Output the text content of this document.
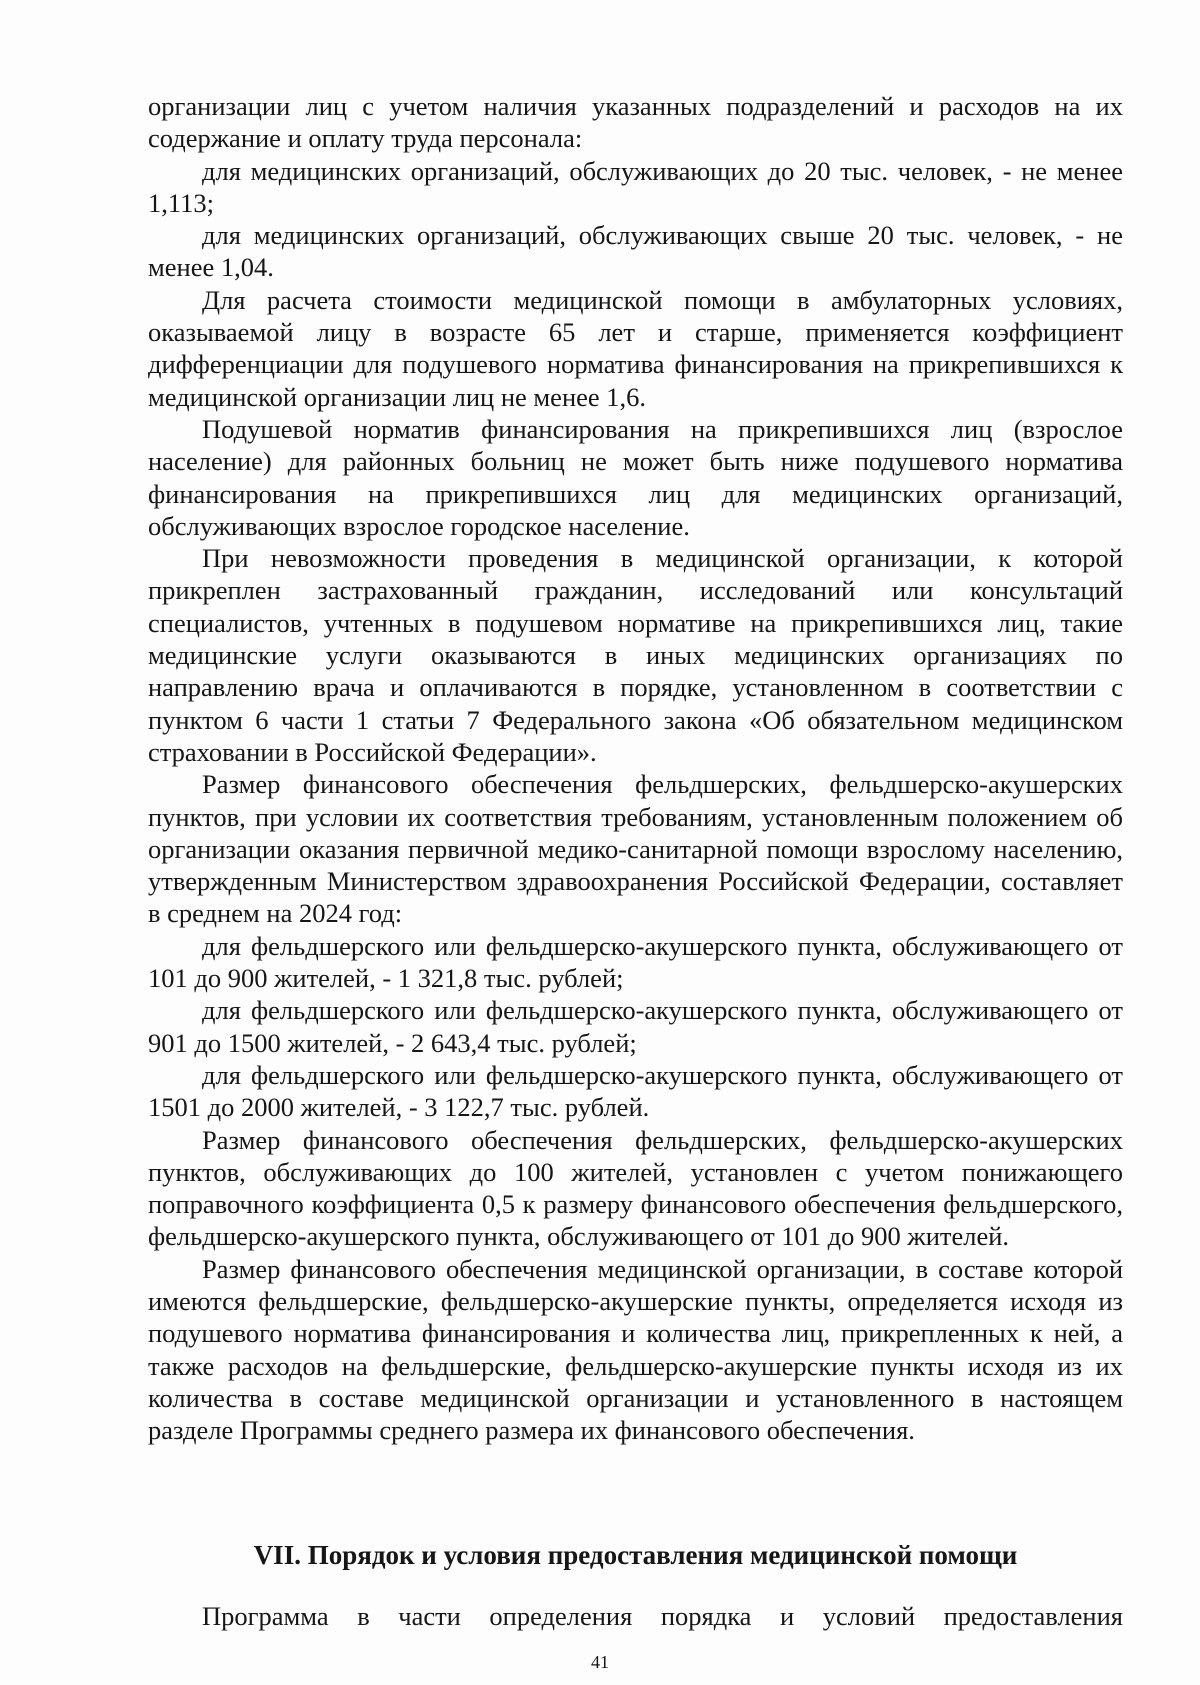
организации лиц с учетом наличия указанных подразделений и расходов на их содержание и оплату труда персонала:

для медицинских организаций, обслуживающих до 20 тыс. человек, - не менее 1,113;

для медицинских организаций, обслуживающих свыше 20 тыс. человек, - не менее 1,04.

Для расчета стоимости медицинской помощи в амбулаторных условиях, оказываемой лицу в возрасте 65 лет и старше, применяется коэффициент дифференциации для подушевого норматива финансирования на прикрепившихся к медицинской организации лиц не менее 1,6.

Подушевой норматив финансирования на прикрепившихся лиц (взрослое население) для районных больниц не может быть ниже подушевого норматива финансирования на прикрепившихся лиц для медицинских организаций, обслуживающих взрослое городское население.

При невозможности проведения в медицинской организации, к которой прикреплен застрахованный гражданин, исследований или консультаций специалистов, учтенных в подушевом нормативе на прикрепившихся лиц, такие медицинские услуги оказываются в иных медицинских организациях по направлению врача и оплачиваются в порядке, установленном в соответствии с пунктом 6 части 1 статьи 7 Федерального закона «Об обязательном медицинском страховании в Российской Федерации».

Размер финансового обеспечения фельдшерских, фельдшерско-акушерских пунктов, при условии их соответствия требованиям, установленным положением об организации оказания первичной медико-санитарной помощи взрослому населению, утвержденным Министерством здравоохранения Российской Федерации, составляет в среднем на 2024 год:

для фельдшерского или фельдшерско-акушерского пункта, обслуживающего от 101 до 900 жителей, - 1 321,8 тыс. рублей;

для фельдшерского или фельдшерско-акушерского пункта, обслуживающего от 901 до 1500 жителей, - 2 643,4 тыс. рублей;

для фельдшерского или фельдшерско-акушерского пункта, обслуживающего от 1501 до 2000 жителей, - 3 122,7 тыс. рублей.

Размер финансового обеспечения фельдшерских, фельдшерско-акушерских пунктов, обслуживающих до 100 жителей, установлен с учетом понижающего поправочного коэффициента 0,5 к размеру финансового обеспечения фельдшерского, фельдшерско-акушерского пункта, обслуживающего от 101 до 900 жителей.

Размер финансового обеспечения медицинской организации, в составе которой имеются фельдшерские, фельдшерско-акушерские пункты, определяется исходя из подушевого норматива финансирования и количества лиц, прикрепленных к ней, а также расходов на фельдшерские, фельдшерско-акушерские пункты исходя из их количества в составе медицинской организации и установленного в настоящем разделе Программы среднего размера их финансового обеспечения.

VII. Порядок и условия предоставления медицинской помощи

Программа в части определения порядка и условий предоставления

41
